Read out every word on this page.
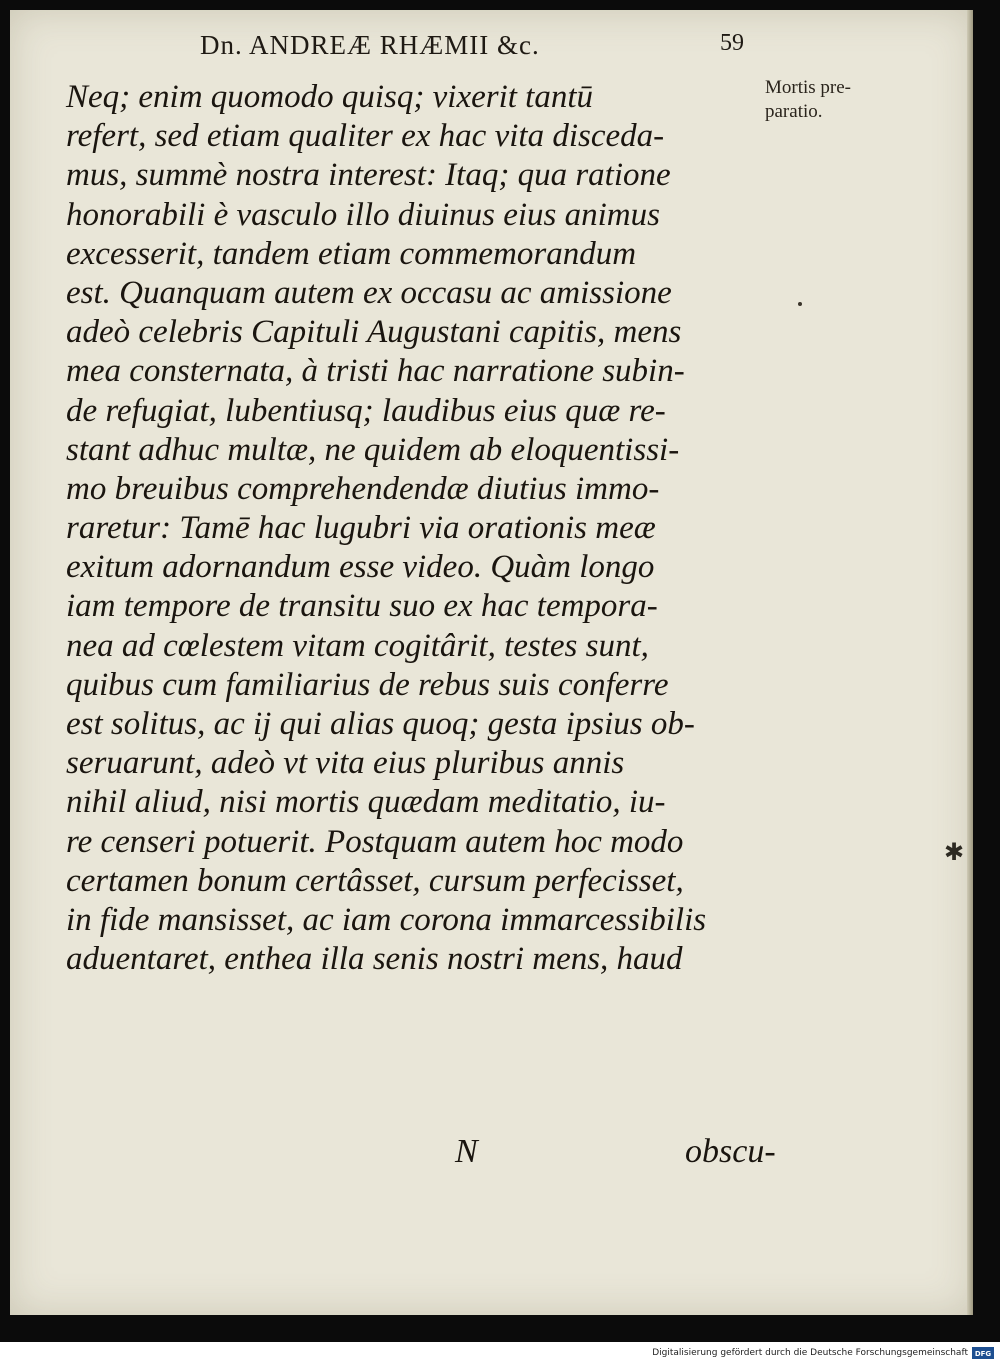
Dn. ANDREÆ RHÆMII &c.	59
Mortis pre-
paratio.
✱
Neq; enim quomodo quisq; vixerit tantū
refert, sed etiam qualiter ex hac vita discedа-
mus, summè nostra interest: Itaq; qua ratione
honorabili è vasculo illo diuinus eius animus
excesserit, tandem etiam commemorandum
est. Quanquam autem ex occasu ac amissione
adeò celebris Capituli Augustani capitis, mens
mea consternata, à tristi hac narratione subin-
de refugiat, lubentiusq; laudibus eius quæ re-
stant adhuc multæ, ne quidem ab eloquentissi-
mo breuibus comprehendendæ diutius immo-
raretur: Tamē hac lugubri via orationis meæ
exitum adornandum esse video. Quàm longo
iam tempore de transitu suo ex hac tempora-
nea ad cœlestem vitam cogitârit, testes sunt,
quibus cum familiarius de rebus suis conferre
est solitus, ac ij qui alias quoq; gesta ipsius ob-
seruarunt, adeò vt vita eius pluribus annis
nihil aliud, nisi mortis quædam meditatio, iu-
re censeri potuerit. Postquam autem hoc modo
certamen bonum certâsset, cursum perfecisset,
in fide mansisset, ac iam corona immarcessibilis
aduentaret, enthea illa senis nostri mens, haud
N	obscu-
Digitalisierung gefördert durch die Deutsche Forschungsgemeinschaft DFG
